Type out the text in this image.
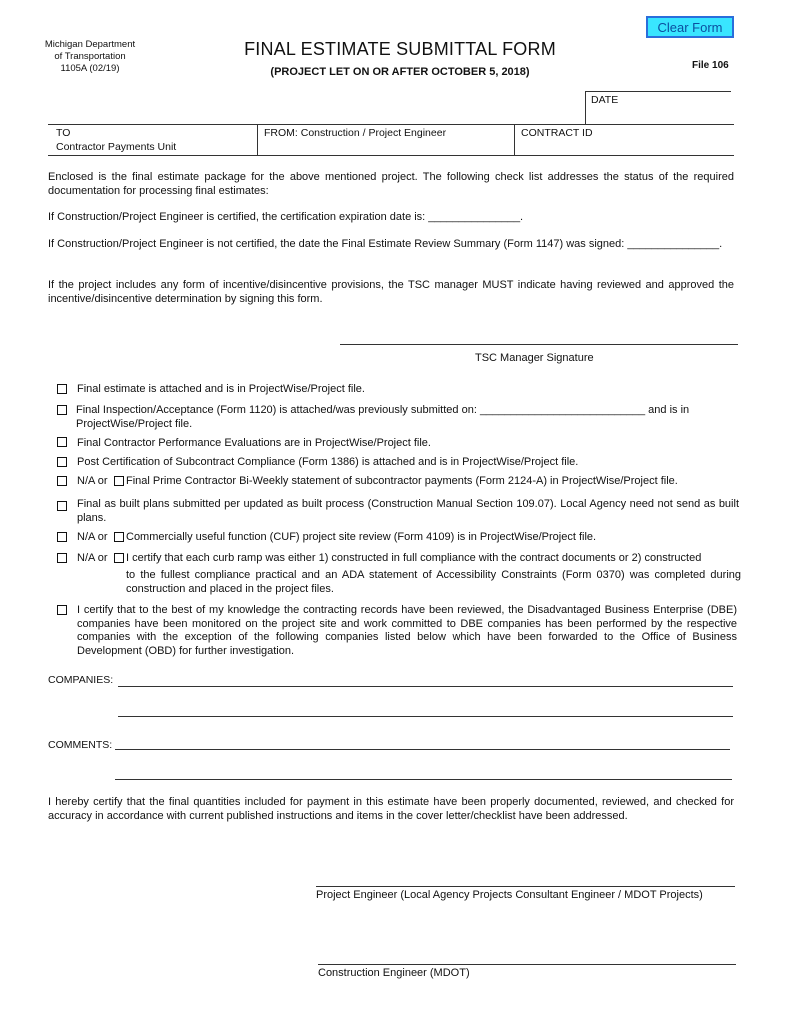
Michigan Department
of Transportation
1105A (02/19)
FINAL ESTIMATE SUBMITTAL FORM
(PROJECT LET ON OR AFTER OCTOBER 5, 2018)
Clear Form
File 106
DATE
TO
Contractor Payments Unit
FROM: Construction / Project Engineer	CONTRACT ID
Enclosed is the final estimate package for the above mentioned project. The following check list addresses the status of the required documentation for processing final estimates:
If Construction/Project Engineer is certified, the certification expiration date is: _______________.
If Construction/Project Engineer is not certified, the date the Final Estimate Review Summary (Form 1147) was signed: _______________.
If the project includes any form of incentive/disincentive provisions, the TSC manager MUST indicate having reviewed and approved the incentive/disincentive determination by signing this form.
TSC Manager Signature
Final estimate is attached and is in ProjectWise/Project file.
Final Inspection/Acceptance (Form 1120) is attached/was previously submitted on: ___________________________ and is in
ProjectWise/Project file.
Final Contractor Performance Evaluations are in ProjectWise/Project file.
Post Certification of Subcontract Compliance (Form 1386) is attached and is in ProjectWise/Project file.
N/A or Final Prime Contractor Bi-Weekly statement of subcontractor payments (Form 2124-A) in ProjectWise/Project file.
Final as built plans submitted per updated as built process (Construction Manual Section 109.07). Local Agency need not send as built plans.
N/A or Commercially useful function (CUF) project site review (Form 4109) is in ProjectWise/Project file.
N/A or I certify that each curb ramp was either 1) constructed in full compliance with the contract documents or 2) constructed
to the fullest compliance practical and an ADA statement of Accessibility Constraints (Form 0370) was completed during construction and placed in the project files.
I certify that to the best of my knowledge the contracting records have been reviewed, the Disadvantaged Business Enterprise (DBE) companies have been monitored on the project site and work committed to DBE companies has been performed by the respective companies with the exception of the following companies listed below which have been forwarded to the Office of Business Development (OBD) for further investigation.
COMPANIES:
COMMENTS:
I hereby certify that the final quantities included for payment in this estimate have been properly documented, reviewed, and checked for accuracy in accordance with current published instructions and items in the cover letter/checklist have been addressed.
Project Engineer (Local Agency Projects Consultant Engineer / MDOT Projects)
Construction Engineer (MDOT)
